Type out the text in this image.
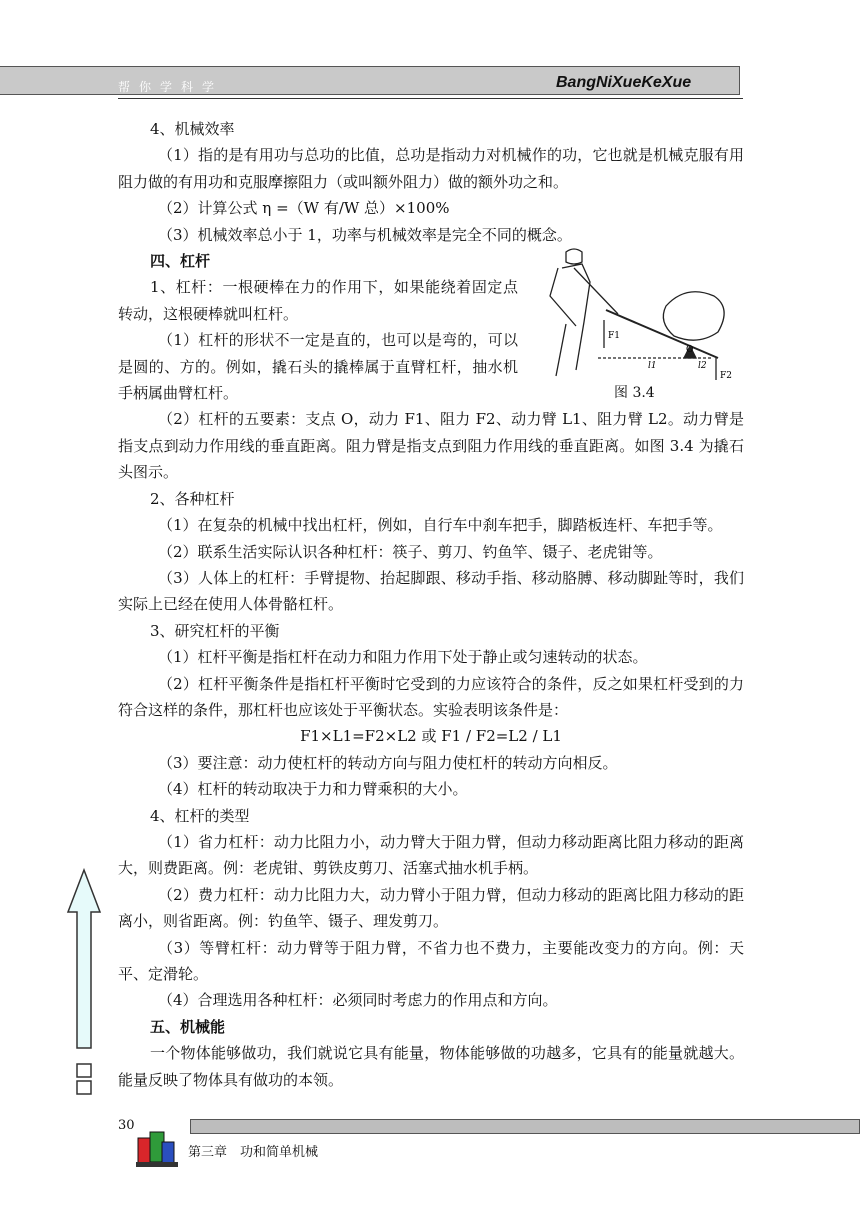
帮你学科学	BangNiXueKeXue

4、机械效率

（1）指的是有用功与总功的比值，总功是指动力对机械作的功，它也就是机械克服有用阻力做的有用功和克服摩擦阻力（或叫额外阻力）做的额外功之和。

（2）计算公式 η =（W 有/W 总）×100%

（3）机械效率总小于 1，功率与机械效率是完全不同的概念。

四、杠杆

1、杠杆：一根硬棒在力的作用下，如果能绕着固定点转动，这根硬棒就叫杠杆。

（1）杠杆的形状不一定是直的，也可以是弯的，可以是圆的、方的。例如，撬石头的撬棒属于直臂杠杆，抽水机手柄属曲臂杠杆。

（2）杠杆的五要素：支点 O，动力 F1、阻力 F2、动力臂 L1、阻力臂 L2。动力臂是指支点到动力作用线的垂直距离。阻力臂是指支点到阻力作用线的垂直距离。如图 3.4 为撬石头图示。

2、各种杠杆

（1）在复杂的机械中找出杠杆，例如，自行车中刹车把手，脚踏板连杆、车把手等。

（2）联系生活实际认识各种杠杆：筷子、剪刀、钓鱼竿、镊子、老虎钳等。

（3）人体上的杠杆：手臂提物、抬起脚跟、移动手指、移动胳膊、移动脚趾等时，我们实际上已经在使用人体骨骼杠杆。

3、研究杠杆的平衡

（1）杠杆平衡是指杠杆在动力和阻力作用下处于静止或匀速转动的状态。

（2）杠杆平衡条件是指杠杆平衡时它受到的力应该符合的条件，反之如果杠杆受到的力符合这样的条件，那杠杆也应该处于平衡状态。实验表明该条件是：

F1×L1=F2×L2 或 F1 / F2=L2 / L1

（3）要注意：动力使杠杆的转动方向与阻力使杠杆的转动方向相反。

（4）杠杆的转动取决于力和力臂乘积的大小。

4、杠杆的类型

（1）省力杠杆：动力比阻力小，动力臂大于阻力臂，但动力移动距离比阻力移动的距离大，则费距离。例：老虎钳、剪铁皮剪刀、活塞式抽水机手柄。

（2）费力杠杆：动力比阻力大，动力臂小于阻力臂，但动力移动的距离比阻力移动的距离小，则省距离。例：钓鱼竿、镊子、理发剪刀。

（3）等臂杠杆：动力臂等于阻力臂，不省力也不费力，主要能改变力的方向。例：天平、定滑轮。

（4）合理选用各种杠杆：必须同时考虑力的作用点和方向。

五、机械能

一个物体能够做功，我们就说它具有能量，物体能够做的功越多，它具有的能量就越大。能量反映了物体具有做功的本领。

F1
O
l1	l2
F2
图 3.4
30
第三章　功和简单机械
